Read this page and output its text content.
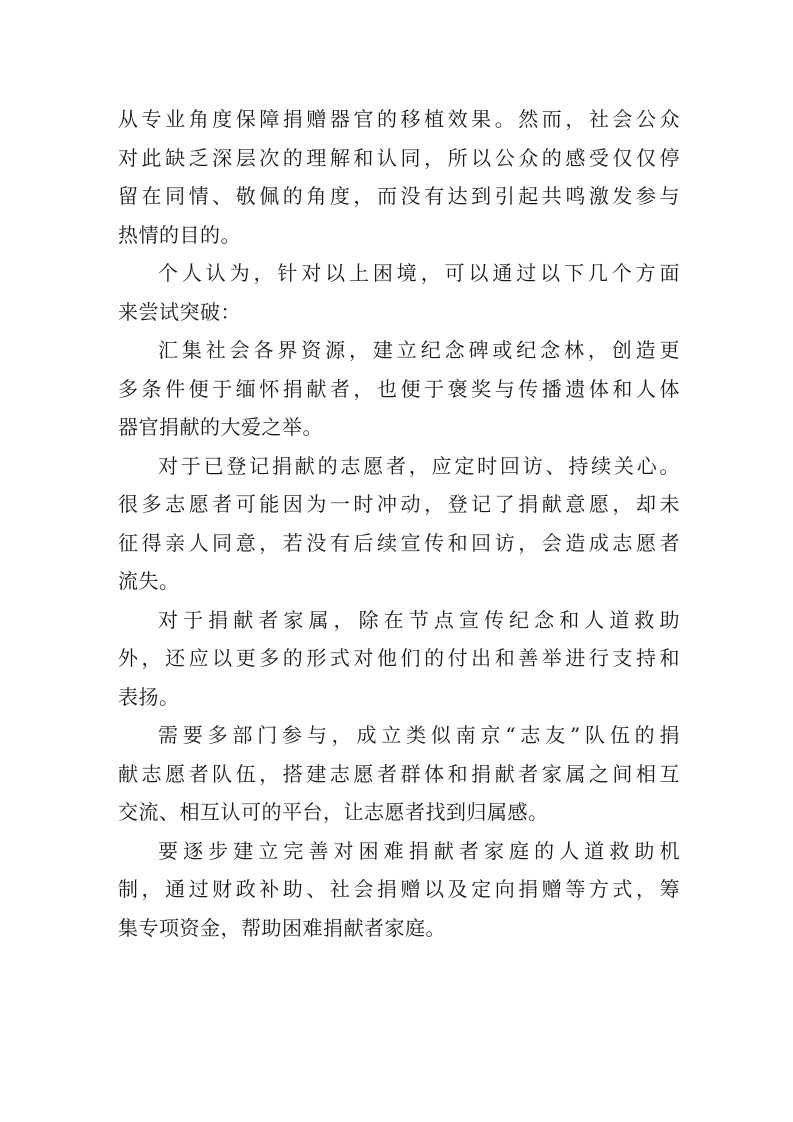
从专业角度保障捐赠器官的移植效果。然而，社会公众
对此缺乏深层次的理解和认同，所以公众的感受仅仅停
留在同情、敬佩的角度，而没有达到引起共鸣激发参与
热情的目的。
个人认为，针对以上困境，可以通过以下几个方面
来尝试突破：
汇集社会各界资源，建立纪念碑或纪念林，创造更
多条件便于缅怀捐献者，也便于褒奖与传播遗体和人体
器官捐献的大爱之举。
对于已登记捐献的志愿者，应定时回访、持续关心。
很多志愿者可能因为一时冲动，登记了捐献意愿，却未
征得亲人同意，若没有后续宣传和回访，会造成志愿者
流失。
对于捐献者家属，除在节点宣传纪念和人道救助
外，还应以更多的形式对他们的付出和善举进行支持和
表扬。
需要多部门参与，成立类似南京“志友”队伍的捐
献志愿者队伍，搭建志愿者群体和捐献者家属之间相互
交流、相互认可的平台，让志愿者找到归属感。
要逐步建立完善对困难捐献者家庭的人道救助机
制，通过财政补助、社会捐赠以及定向捐赠等方式，筹
集专项资金，帮助困难捐献者家庭。
